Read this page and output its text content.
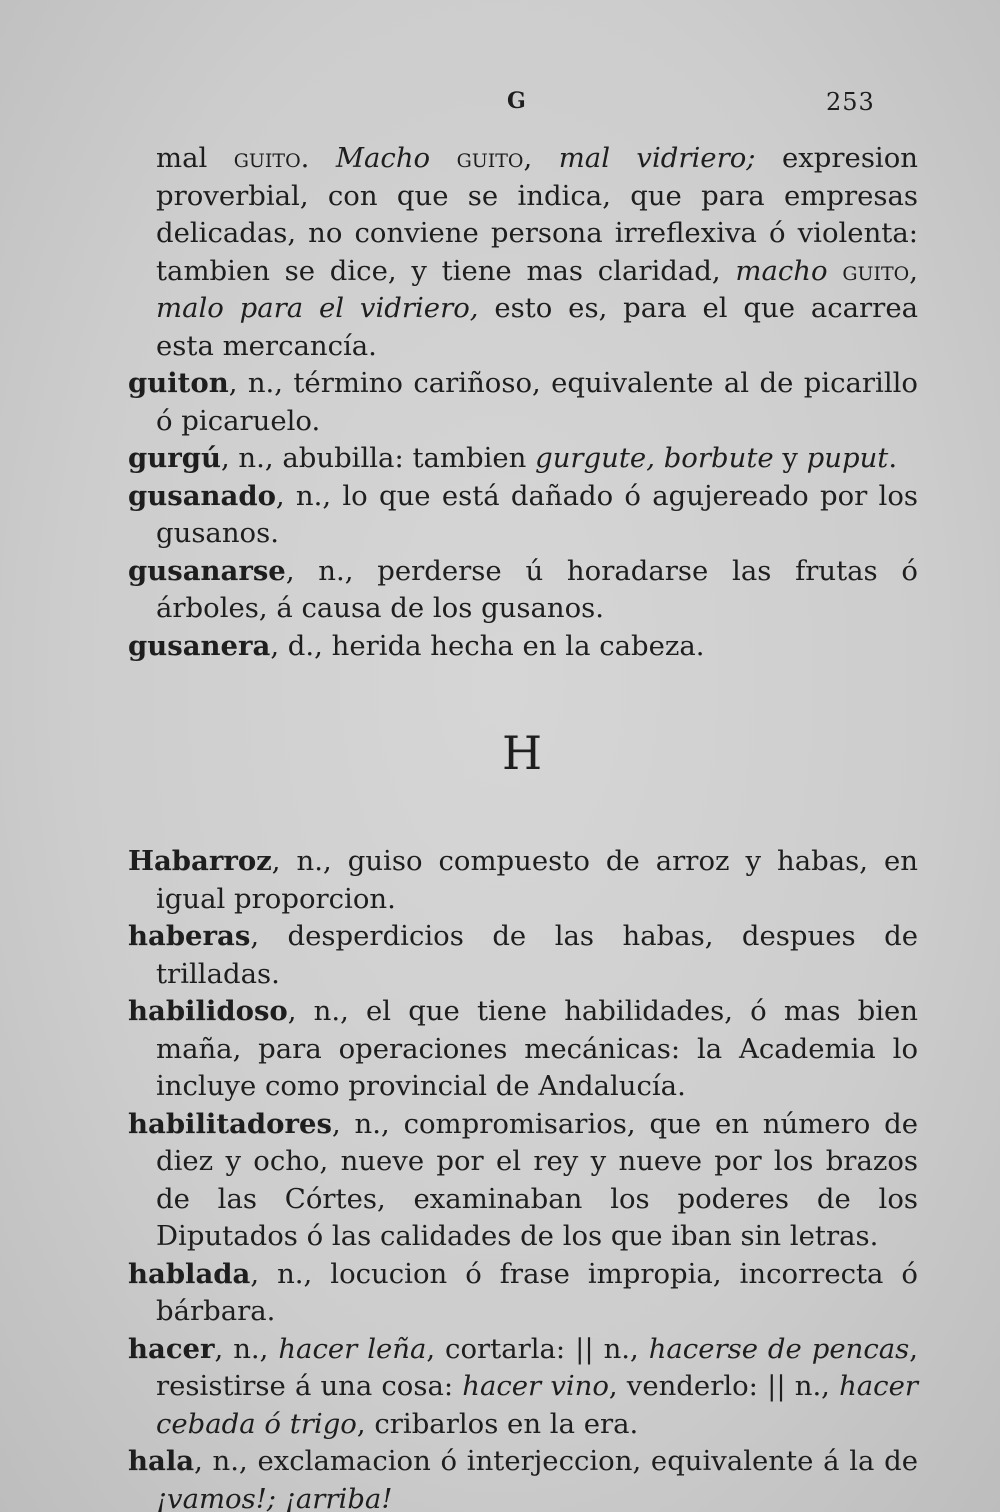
G	253

mal guito. Macho guito, mal vidriero; expresion proverbial, con que se indica, que para empresas delicadas, no conviene persona irreflexiva ó violenta: tambien se dice, y tiene mas claridad, macho guito, malo para el vidriero, esto es, para el que acarrea esta mercancía.

guiton, n., término cariñoso, equivalente al de picarillo ó picaruelo.

gurgú, n., abubilla: tambien gurgute, borbute y puput.

gusanado, n., lo que está dañado ó agujereado por los gusanos.

gusanarse, n., perderse ú horadarse las frutas ó árboles, á causa de los gusanos.

gusanera, d., herida hecha en la cabeza.

H

Habarroz, n., guiso compuesto de arroz y habas, en igual proporcion.

haberas, desperdicios de las habas, despues de trilladas.

habilidoso, n., el que tiene habilidades, ó mas bien maña, para operaciones mecánicas: la Academia lo incluye como provincial de Andalucía.

habilitadores, n., compromisarios, que en número de diez y ocho, nueve por el rey y nueve por los brazos de las Córtes, examinaban los poderes de los Diputados ó las calidades de los que iban sin letras.

hablada, n., locucion ó frase impropia, incorrecta ó bárbara.

hacer, n., hacer leña, cortarla: || n., hacerse de pencas, resistirse á una cosa: hacer vino, venderlo: || n., hacer cebada ó trigo, cribarlos en la era.

hala, n., exclamacion ó interjeccion, equivalente á la de ¡vamos!; ¡arriba!
